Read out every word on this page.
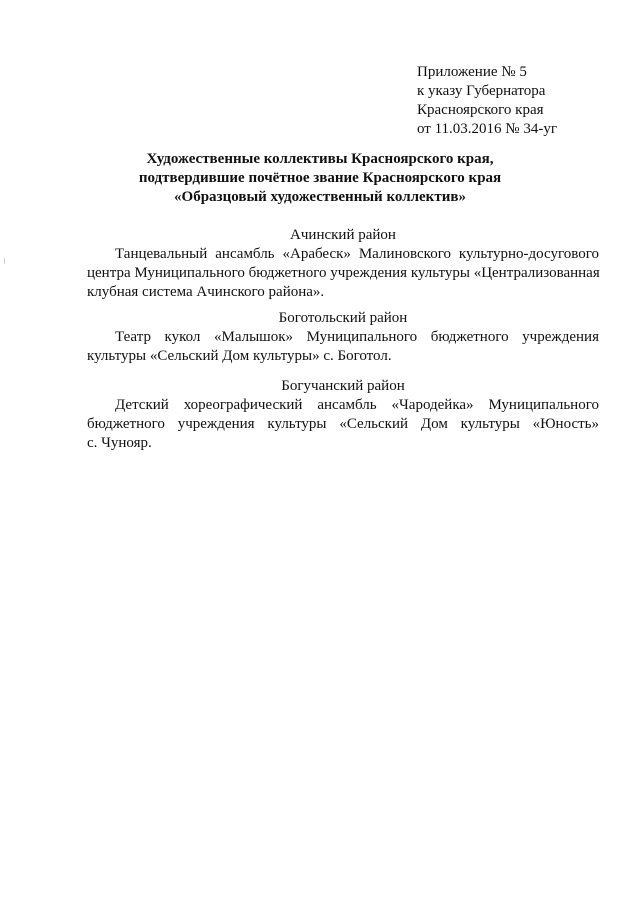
Приложение № 5
к указу Губернатора
Красноярского края
от 11.03.2016 № 34-уг
Художественные коллективы Красноярского края,
подтвердившие почётное звание Красноярского края
«Образцовый художественный коллектив»

Ачинский район

Танцевальный ансамбль «Арабеск» Малиновского культурно-досугового
центра Муниципального бюджетного учреждения культуры «Централизованная
клубная система Ачинского района».

Боготольский район

Театр кукол «Малышок» Муниципального бюджетного учреждения
культуры «Сельский Дом культуры» с. Боготол.

Богучанский район

Детский хореографический ансамбль «Чародейка» Муниципального
бюджетного учреждения культуры «Сельский Дом культуры «Юность»
с. Чунояр.
